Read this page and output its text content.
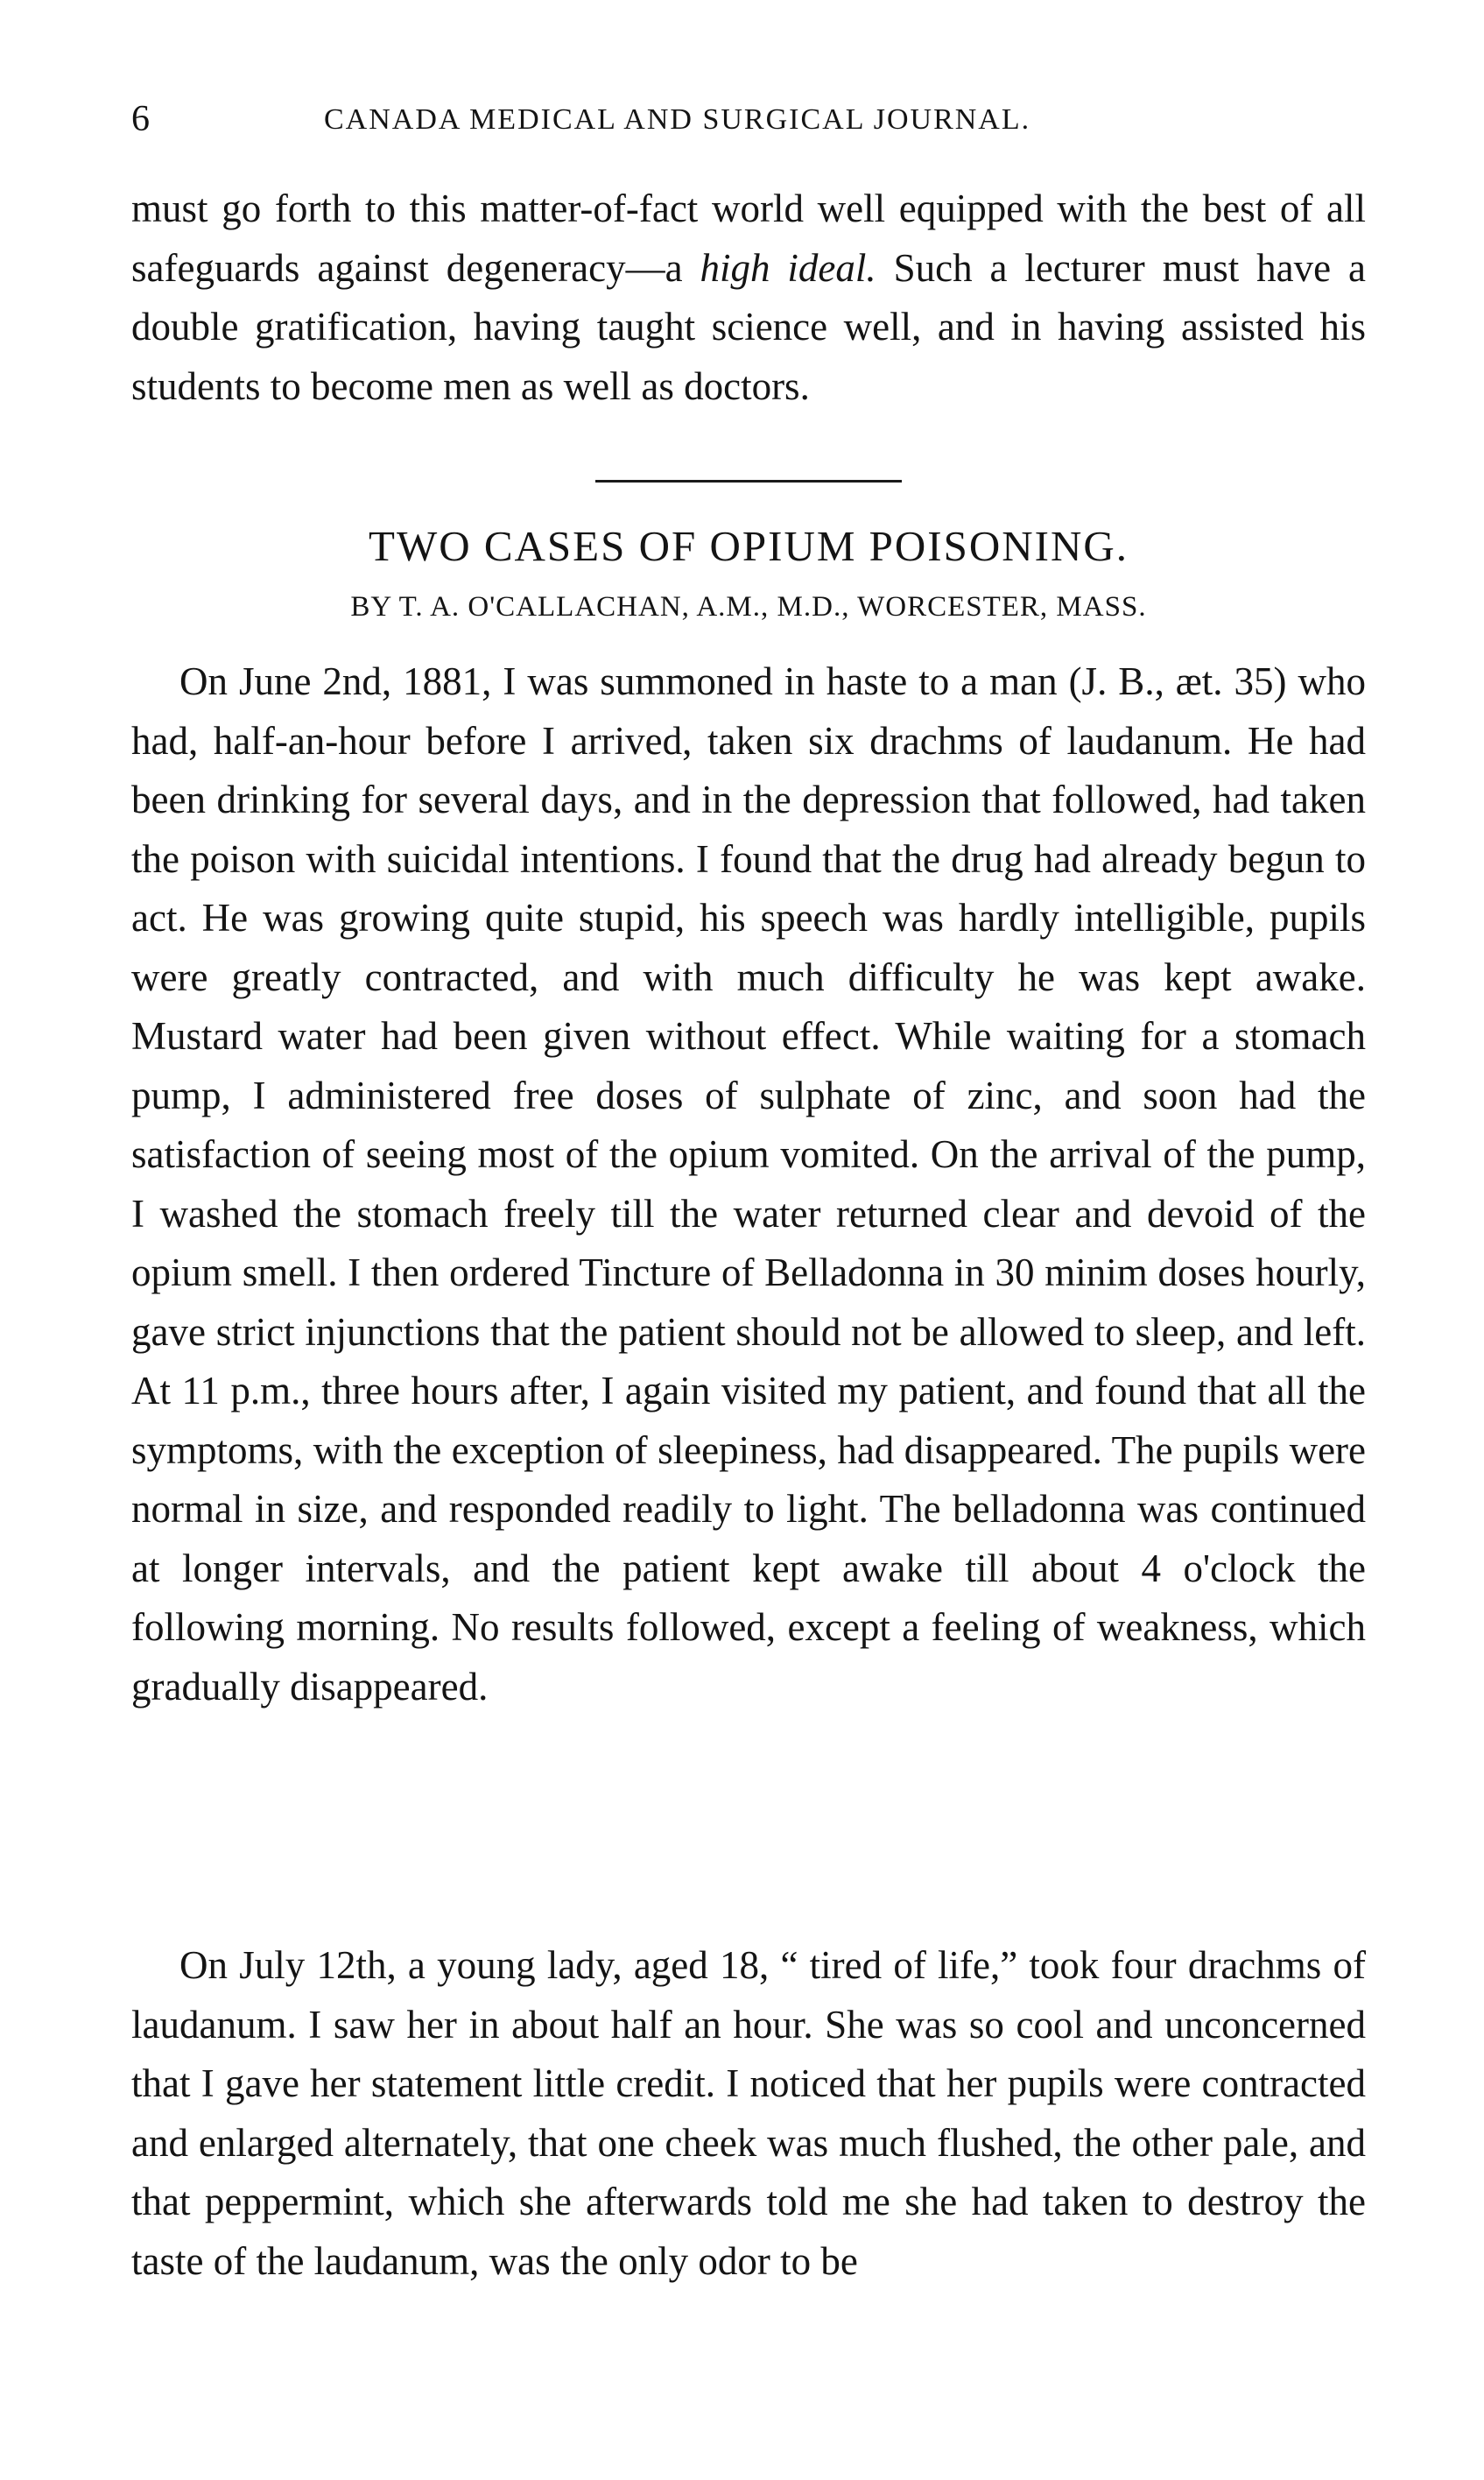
6	CANADA MEDICAL AND SURGICAL JOURNAL.

must go forth to this matter-of-fact world well equipped with the best of all safeguards against degeneracy—a high ideal. Such a lecturer must have a double gratification, having taught science well, and in having assisted his students to become men as well as doctors.

TWO CASES OF OPIUM POISONING.
BY T. A. O'CALLACHAN, A.M., M.D., WORCESTER, MASS.

On June 2nd, 1881, I was summoned in haste to a man (J. B., æt. 35) who had, half-an-hour before I arrived, taken six drachms of laudanum. He had been drinking for several days, and in the depression that followed, had taken the poison with suicidal intentions. I found that the drug had already begun to act. He was growing quite stupid, his speech was hardly intelligible, pupils were greatly contracted, and with much difficulty he was kept awake. Mustard water had been given without effect. While waiting for a stomach pump, I administered free doses of sulphate of zinc, and soon had the satisfaction of seeing most of the opium vomited. On the arrival of the pump, I washed the stomach freely till the water returned clear and devoid of the opium smell. I then ordered Tincture of Belladonna in 30 minim doses hourly, gave strict injunctions that the patient should not be allowed to sleep, and left. At 11 p.m., three hours after, I again visited my patient, and found that all the symptoms, with the exception of sleepiness, had disappeared. The pupils were normal in size, and responded readily to light. The belladonna was continued at longer intervals, and the patient kept awake till about 4 o'clock the following morning. No results followed, except a feeling of weakness, which gradually disappeared.

On July 12th, a young lady, aged 18, “ tired of life,” took four drachms of laudanum. I saw her in about half an hour. She was so cool and unconcerned that I gave her statement little credit. I noticed that her pupils were contracted and enlarged alternately, that one cheek was much flushed, the other pale, and that peppermint, which she afterwards told me she had taken to destroy the taste of the laudanum, was the only odor to be
